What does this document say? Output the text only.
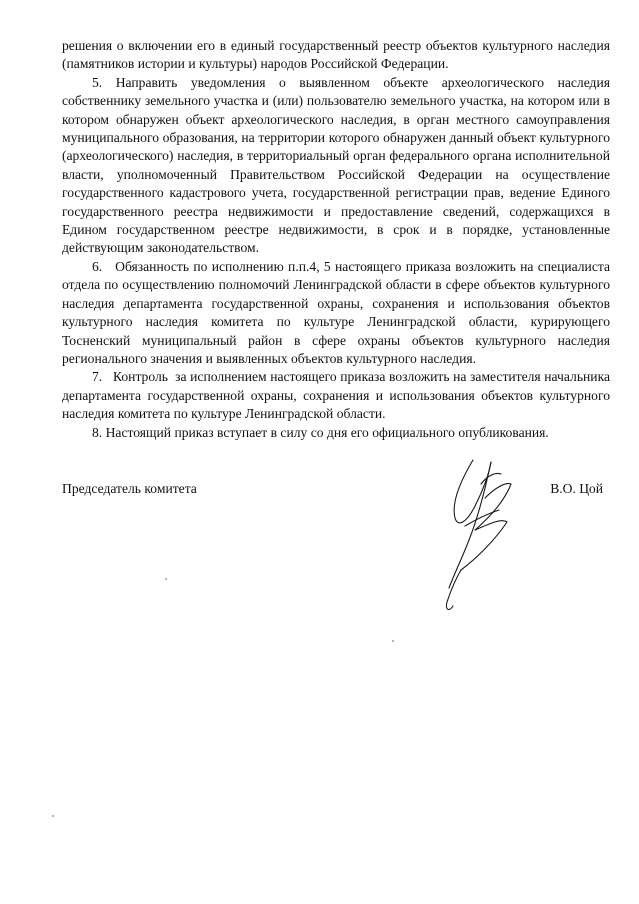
решения о включении его в единый государственный реестр объектов культурного наследия (памятников истории и культуры) народов Российской Федерации.

5. Направить уведомления о выявленном объекте археологического наследия собственнику земельного участка и (или) пользователю земельного участка, на котором или в котором обнаружен объект археологического наследия, в орган местного самоуправления муниципального образования, на территории которого обнаружен данный объект культурного (археологического) наследия, в территориальный орган федерального органа исполнительной власти, уполномоченный Правительством Российской Федерации на осуществление государственного кадастрового учета, государственной регистрации прав, ведение Единого государственного реестра недвижимости и предоставление сведений, содержащихся в Едином государственном реестре недвижимости, в срок и в порядке, установленные действующим законодательством.

6.   Обязанность по исполнению п.п.4, 5 настоящего приказа возложить на специалиста отдела по осуществлению полномочий Ленинградской области в сфере объектов культурного наследия департамента государственной охраны, сохранения и использования объектов культурного наследия комитета по культуре Ленинградской области, курирующего Тосненский муниципальный район в сфере охраны объектов культурного наследия регионального значения и выявленных объектов культурного наследия.

7.   Контроль  за исполнением настоящего приказа возложить на заместителя начальника департамента государственной охраны, сохранения и использования объектов культурного наследия комитета по культуре Ленинградской области.

8. Настоящий приказ вступает в силу со дня его официального опубликования.

Председатель комитета	В.О. Цой
